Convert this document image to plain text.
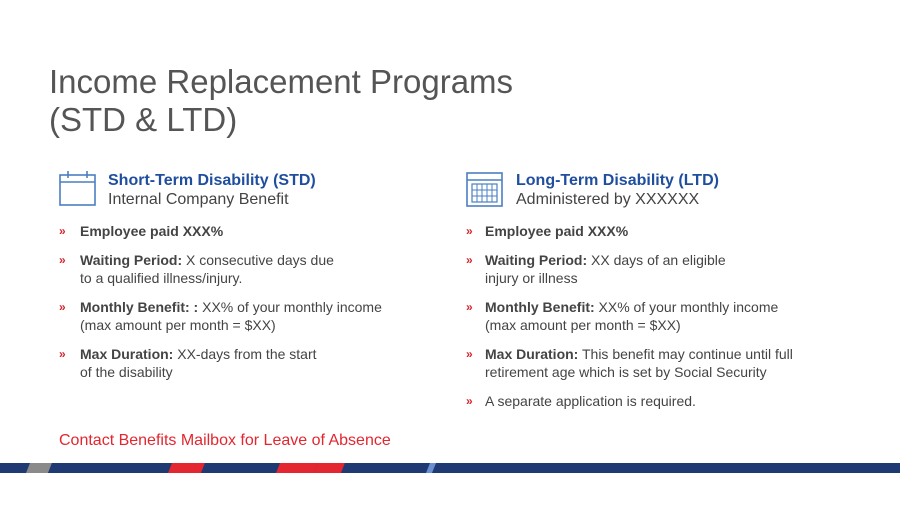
Income Replacement Programs
(STD & LTD)
Short-Term Disability (STD)
Internal Company Benefit
» Employee paid XXX%
» Waiting Period: X consecutive days due
to a qualified illness/injury.
» Monthly Benefit: : XX% of your monthly income
(max amount per month = $XX)
» Max Duration: XX-days from the start
of the disability
Long-Term Disability (LTD)
Administered by XXXXXX
» Employee paid XXX%
» Waiting Period: XX days of an eligible
injury or illness
» Monthly Benefit: XX% of your monthly income
(max amount per month = $XX)
» Max Duration: This benefit may continue until full
retirement age which is set by Social Security
» A separate application is required.
Contact Benefits Mailbox for Leave of Absence
